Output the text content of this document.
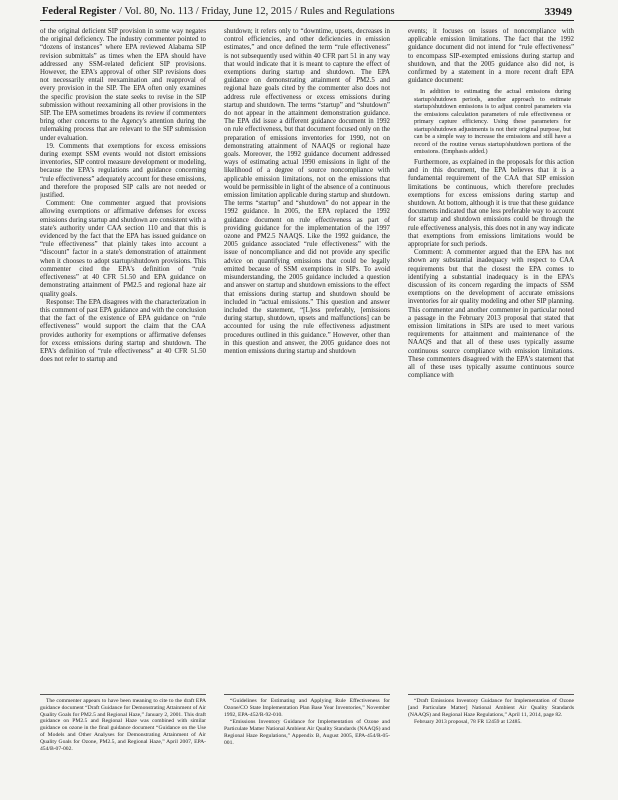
Federal Register / Vol. 80, No. 113 / Friday, June 12, 2015 / Rules and Regulations	33949

of the original deficient SIP provision in some way negates the original deficiency. The industry commenter pointed to “dozens of instances” where EPA reviewed Alabama SIP revision submittals” as times when the EPA should have addressed any SSM-related deficient SIP provisions. However, the EPA's approval of other SIP revisions does not necessarily entail reexamination and reapproval of every provision in the SIP. The EPA often only examines the specific provision the state seeks to revise in the SIP submission without reexamining all other provisions in the SIP. The EPA sometimes broadens its review if commenters bring other concerns to the Agency's attention during the rulemaking process that are relevant to the SIP submission under evaluation.

19. Comments that exemptions for excess emissions during exempt SSM events would not distort emissions inventories, SIP control measure development or modeling, because the EPA's regulations and guidance concerning “rule effectiveness” adequately account for these emissions, and therefore the proposed SIP calls are not needed or justified.

Comment: One commenter argued that provisions allowing exemptions or affirmative defenses for excess emissions during startup and shutdown are consistent with a state's authority under CAA section 110 and that this is evidenced by the fact that the EPA has issued guidance on “rule effectiveness” that plainly takes into account a “discount” factor in a state's demonstration of attainment when it chooses to adopt startup/shutdown provisions. This commenter cited the EPA's definition of “rule effectiveness” at 40 CFR 51.50 and EPA guidance on demonstrating attainment of PM2.5 and regional haze air quality goals.

Response: The EPA disagrees with the characterization in this comment of past EPA guidance and with the conclusion that the fact of the existence of EPA guidance on “rule effectiveness” would support the claim that the CAA provides authority for exemptions or affirmative defenses for excess emissions during startup and shutdown. The EPA's definition of “rule effectiveness” at 40 CFR 51.50 does not refer to startup and

The commenter appears to have been meaning to cite to the draft EPA guidance document “Draft Guidance for Demonstrating Attainment of Air Quality Goals for PM2.5 and Regional Haze,” January 2, 2001. This draft guidance on PM2.5 and Regional Haze was combined with similar guidance on ozone in the final guidance document “Guidance on the Use of Models and Other Analyses for Demonstrating Attainment of Air Quality Goals for Ozone, PM2.5, and Regional Haze,” April 2007, EPA-454/B-07-002.

shutdown; it refers only to “downtime, upsets, decreases in control efficiencies, and other deficiencies in emission estimates,” and once defined the term “rule effectiveness” is not subsequently used within 40 CFR part 51 in any way that would indicate that it is meant to capture the effect of exemptions during startup and shutdown. The EPA guidance on demonstrating attainment of PM2.5 and regional haze goals cited by the commenter also does not address rule effectiveness or excess emissions during startup and shutdown. The terms “startup” and “shutdown” do not appear in the attainment demonstration guidance. The EPA did issue a different guidance document in 1992 on rule effectiveness, but that document focused only on the preparation of emissions inventories for 1990, not on demonstrating attainment of NAAQS or regional haze goals. Moreover, the 1992 guidance document addressed ways of estimating actual 1990 emissions in light of the likelihood of a degree of source noncompliance with applicable emission limitations, not on the emissions that would be permissible in light of the absence of a continuous emission limitation applicable during startup and shutdown. The terms “startup” and “shutdown” do not appear in the 1992 guidance. In 2005, the EPA replaced the 1992 guidance document on rule effectiveness as part of providing guidance for the implementation of the 1997 ozone and PM2.5 NAAQS. Like the 1992 guidance, the 2005 guidance associated “rule effectiveness” with the issue of noncompliance and did not provide any specific advice on quantifying emissions that could be legally emitted because of SSM exemptions in SIPs. To avoid misunderstanding, the 2005 guidance included a question and answer on startup and shutdown emissions to the effect that emissions during startup and shutdown should be included in “actual emissions.” This question and answer included the statement, “[L]ess preferably, [emissions during startup, shutdown, upsets and malfunctions] can be accounted for using the rule effectiveness adjustment procedures outlined in this guidance.” However, other than in this question and answer, the 2005 guidance does not mention emissions during startup and shutdown

“Guidelines for Estimating and Applying Rule Effectiveness for Ozone/CO State Implementation Plan Base Year Inventories,” November 1992, EPA-452/R-92-010.

“Emissions Inventory Guidance for Implementation of Ozone and Particulate Matter National Ambient Air Quality Standards (NAAQS) and Regional Haze Regulations,” Appendix B, August 2005, EPA-454/R-05-001.

events; it focuses on issues of noncompliance with applicable emission limitations. The fact that the 1992 guidance document did not intend for “rule effectiveness” to encompass SIP-exempted emissions during startup and shutdown, and that the 2005 guidance also did not, is confirmed by a statement in a more recent draft EPA guidance document:

In addition to estimating the actual emissions during startup/shutdown periods, another approach to estimate startup/shutdown emissions is to adjust control parameters via the emissions calculation parameters of rule effectiveness or primary capture efficiency. Using these parameters for startup/shutdown adjustments is not their original purpose, but can be a simple way to increase the emissions and still have a record of the routine versus startup/shutdown portions of the emissions. (Emphasis added.)

Furthermore, as explained in the proposals for this action and in this document, the EPA believes that it is a fundamental requirement of the CAA that SIP emission limitations be continuous, which therefore precludes exemptions for excess emissions during startup and shutdown. At bottom, although it is true that these guidance documents indicated that one less preferable way to account for startup and shutdown emissions could be through the rule effectiveness analysis, this does not in any way indicate that exemptions from emissions limitations would be appropriate for such periods.

Comment: A commenter argued that the EPA has not shown any substantial inadequacy with respect to CAA requirements but that the closest the EPA comes to identifying a substantial inadequacy is in the EPA's discussion of its concern regarding the impacts of SSM exemptions on the development of accurate emissions inventories for air quality modeling and other SIP planning. This commenter and another commenter in particular noted a passage in the February 2013 proposal that stated that emission limitations in SIPs are used to meet various requirements for attainment and maintenance of the NAAQS and that all of these uses typically assume continuous source compliance with emission limitations. These commenters disagreed with the EPA's statement that all of these uses typically assume continuous source compliance with

“Draft Emissions Inventory Guidance for Implementation of Ozone [and Particulate Matter] National Ambient Air Quality Standards (NAAQS) and Regional Haze Regulations,” April 11, 2014, page 82.

February 2013 proposal, 78 FR 12459 at 12485.
